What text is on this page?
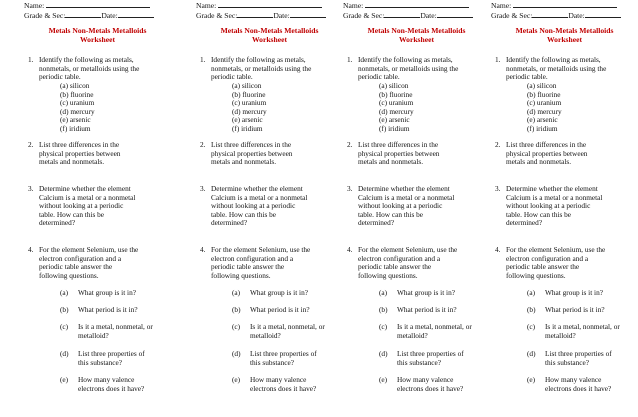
Name:
Grade & Sec:	Date:
Metals Non-Metals Metalloids
Worksheet
1. Identify the following as metals,
nonmetals, or metalloids using the
periodic table.
(a) silicon
(b) fluorine
(c) uranium
(d) mercury
(e) arsenic
(f) iridium
2. List three differences in the
physical properties between
metals and nonmetals.
3. Determine whether the element
Calcium is a metal or a nonmetal
without looking at a periodic
table. How can this be
determined?
4. For the element Selenium, use the
electron configuration and a
periodic table answer the
following questions.
(a) What group is it in?
(b) What period is it in?
(c) Is it a metal, nonmetal, or
metalloid?
(d) List three properties of
this substance?
(e) How many valence
electrons does it have?
Name:
Grade & Sec:	Date:
Metals Non-Metals Metalloids
Worksheet
1. Identify the following as metals,
nonmetals, or metalloids using the
periodic table.
(a) silicon
(b) fluorine
(c) uranium
(d) mercury
(e) arsenic
(f) iridium
2. List three differences in the
physical properties between
metals and nonmetals.
3. Determine whether the element
Calcium is a metal or a nonmetal
without looking at a periodic
table. How can this be
determined?
4. For the element Selenium, use the
electron configuration and a
periodic table answer the
following questions.
(a) What group is it in?
(b) What period is it in?
(c) Is it a metal, nonmetal, or
metalloid?
(d) List three properties of
this substance?
(e) How many valence
electrons does it have?
Name:
Grade & Sec:	Date:
Metals Non-Metals Metalloids
Worksheet
1. Identify the following as metals,
nonmetals, or metalloids using the
periodic table.
(a) silicon
(b) fluorine
(c) uranium
(d) mercury
(e) arsenic
(f) iridium
2. List three differences in the
physical properties between
metals and nonmetals.
3. Determine whether the element
Calcium is a metal or a nonmetal
without looking at a periodic
table. How can this be
determined?
4. For the element Selenium, use the
electron configuration and a
periodic table answer the
following questions.
(a) What group is it in?
(b) What period is it in?
(c) Is it a metal, nonmetal, or
metalloid?
(d) List three properties of
this substance?
(e) How many valence
electrons does it have?
Name:
Grade & Sec:	Date:
Metals Non-Metals Metalloids
Worksheet
1. Identify the following as metals,
nonmetals, or metalloids using the
periodic table.
(a) silicon
(b) fluorine
(c) uranium
(d) mercury
(e) arsenic
(f) iridium
2. List three differences in the
physical properties between
metals and nonmetals.
3. Determine whether the element
Calcium is a metal or a nonmetal
without looking at a periodic
table. How can this be
determined?
4. For the element Selenium, use the
electron configuration and a
periodic table answer the
following questions.
(a) What group is it in?
(b) What period is it in?
(c) Is it a metal, nonmetal, or
metalloid?
(d) List three properties of
this substance?
(e) How many valence
electrons does it have?
